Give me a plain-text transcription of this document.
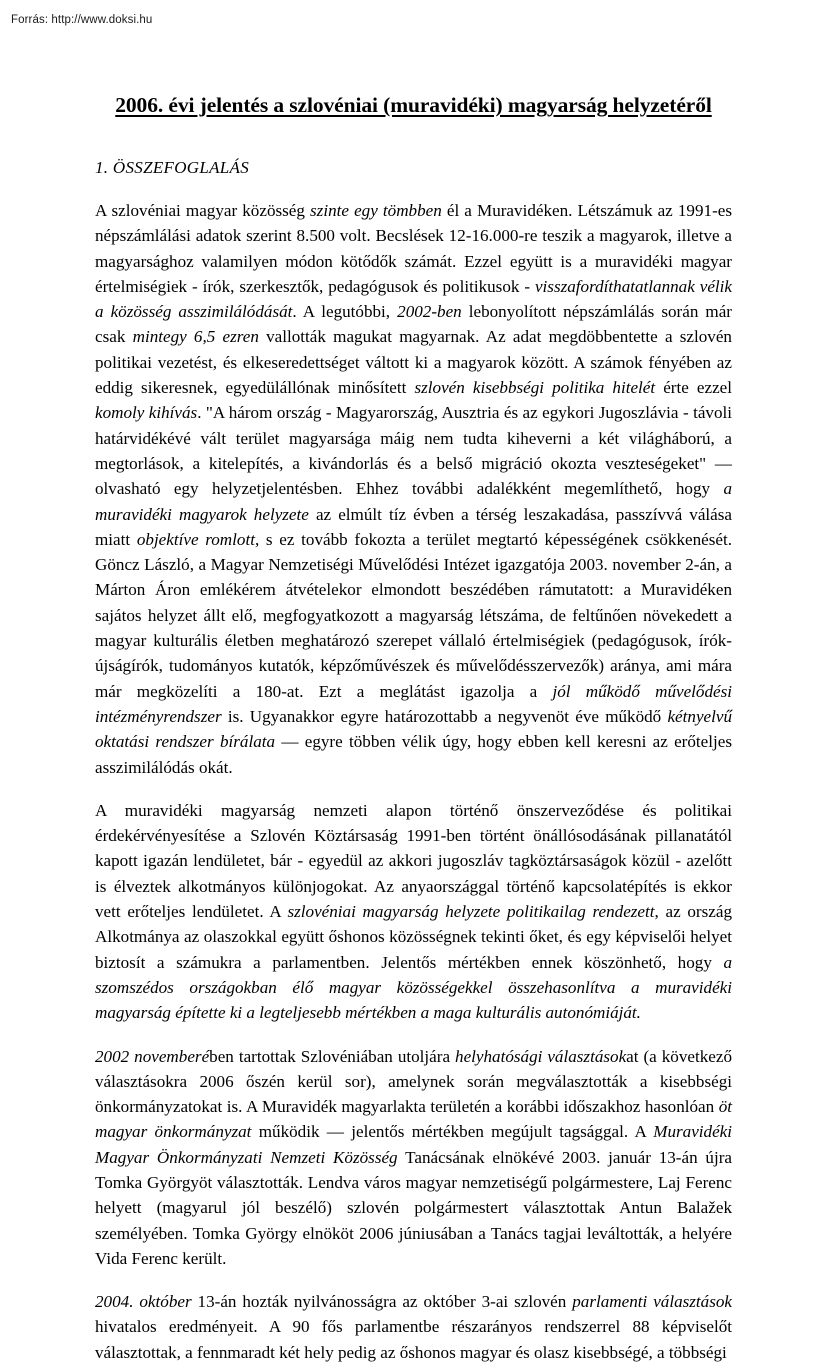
Forrás: http://www.doksi.hu
2006. évi jelentés a szlovéniai (muravidéki) magyarság helyzetéről
1. ÖSSZEFOGLALÁS

A szlovéniai magyar közösség szinte egy tömbben él a Muravidéken. Létszámuk az 1991-es népszámlálási adatok szerint 8.500 volt. Becslések 12-16.000-re teszik a magyarok, illetve a magyarsághoz valamilyen módon kötődők számát. Ezzel együtt is a muravidéki magyar értelmiségiek - írók, szerkesztők, pedagógusok és politikusok - visszafordíthatatlannak vélik a közösség asszimilálódását. A legutóbbi, 2002-ben lebonyolított népszámlálás során már csak mintegy 6,5 ezren vallották magukat magyarnak. Az adat megdöbbentette a szlovén politikai vezetést, és elkeseredettséget váltott ki a magyarok között. A számok fényében az eddig sikeresnek, egyedülállónak minősített szlovén kisebbségi politika hitelét érte ezzel komoly kihívás. "A három ország - Magyarország, Ausztria és az egykori Jugoszlávia - távoli határvidékévé vált terület magyarsága máig nem tudta kiheverni a két világháború, a megtorlások, a kitelepítés, a kivándorlás és a belső migráció okozta veszteségeket" — olvasható egy helyzetjelentésben. Ehhez további adalékként megemlíthető, hogy a muravidéki magyarok helyzete az elmúlt tíz évben a térség leszakadása, passzívvá válása miatt objektíve romlott, s ez tovább fokozta a terület megtartó képességének csökkenését. Göncz László, a Magyar Nemzetiségi Művelődési Intézet igazgatója 2003. november 2-án, a Márton Áron emlékérem átvételekor elmondott beszédében rámutatott: a Muravidéken sajátos helyzet állt elő, megfogyatkozott a magyarság létszáma, de feltűnően növekedett a magyar kulturális életben meghatározó szerepet vállaló értelmiségiek (pedagógusok, írók-újságírók, tudományos kutatók, képzőművészek és művelődésszervezők) aránya, ami mára már megközelíti a 180-at. Ezt a meglátást igazolja a jól működő művelődési intézményrendszer is. Ugyanakkor egyre határozottabb a negyvenöt éve működő kétnyelvű oktatási rendszer bírálata — egyre többen vélik úgy, hogy ebben kell keresni az erőteljes asszimilálódás okát.

A muravidéki magyarság nemzeti alapon történő önszerveződése és politikai érdekérvényesítése a Szlovén Köztársaság 1991-ben történt önállósodásának pillanatától kapott igazán lendületet, bár - egyedül az akkori jugoszláv tagköztársaságok közül - azelőtt is élveztek alkotmányos különjogokat. Az anyaországgal történő kapcsolatépítés is ekkor vett erőteljes lendületet. A szlovéniai magyarság helyzete politikailag rendezett, az ország Alkotmánya az olaszokkal együtt őshonos közösségnek tekinti őket, és egy képviselői helyet biztosít a számukra a parlamentben. Jelentős mértékben ennek köszönhető, hogy a szomszédos országokban élő magyar közösségekkel összehasonlítva a muravidéki magyarság építette ki a legteljesebb mértékben a maga kulturális autonómiáját.

2002 novemberében tartottak Szlovéniában utoljára helyhatósági választásokat (a következő választásokra 2006 őszén kerül sor), amelynek során megválasztották a kisebbségi önkormányzatokat is. A Muravidék magyarlakta területén a korábbi időszakhoz hasonlóan öt magyar önkormányzat működik — jelentős mértékben megújult tagsággal. A Muravidéki Magyar Önkormányzati Nemzeti Közösség Tanácsának elnökévé 2003. január 13-án újra Tomka Györgyöt választották. Lendva város magyar nemzetiségű polgármestere, Laj Ferenc helyett (magyarul jól beszélő) szlovén polgármestert választottak Antun Balažek személyében. Tomka György elnököt 2006 júniusában a Tanács tagjai leváltották, a helyére Vida Ferenc került.

2004. október 13-án hozták nyilvánosságra az október 3-ai szlovén parlamenti választások hivatalos eredményeit. A 90 fős parlamentbe részarányos rendszerrel 88 képviselőt választottak, a fennmaradt két hely pedig az őshonos magyar és olasz kisebbségé, a többségi
